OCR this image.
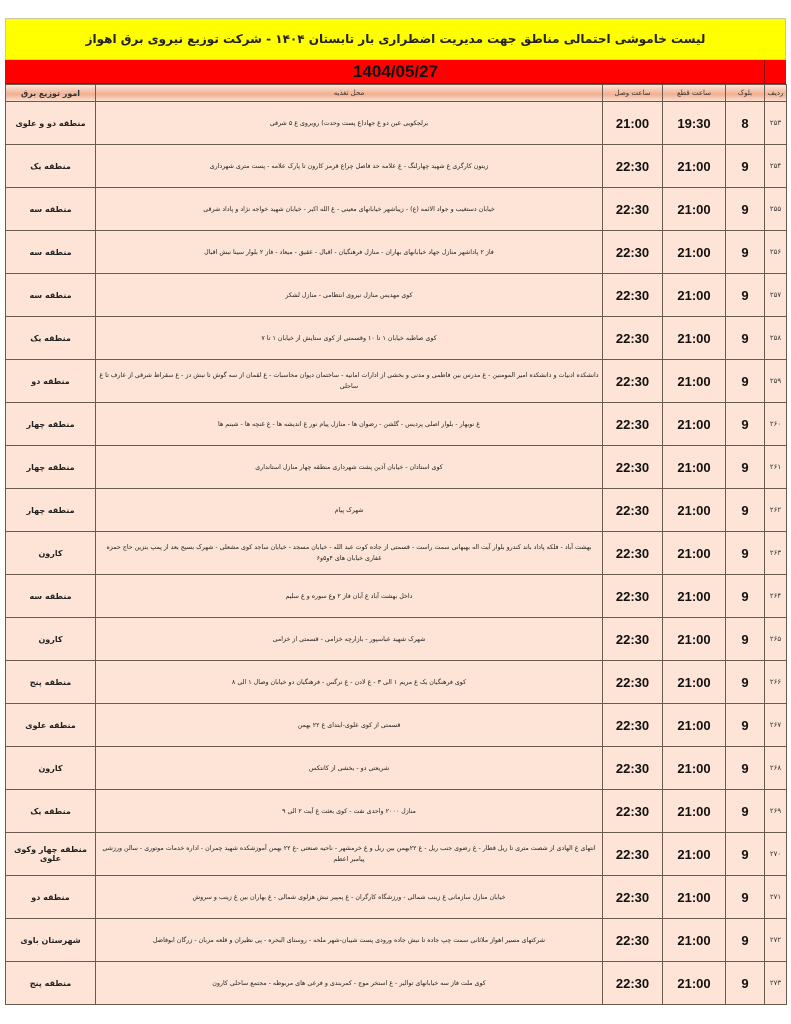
لیست خاموشی احتمالی مناطق جهت مدیریت اضطراری بار تابستان ۱۴۰۴ - شرکت توزیع نیروی برق اهواز
1404/05/27
ردیف	بلوک	ساعت قطع	ساعت وصل	محل تغذیه	امور توزیع برق
۲۵۳	8	19:30	21:00	برلجکویی عین دو غ جهاد(غ پست وحدت) روبروی غ ۵ شرقی	منطقه دو و علوی
۲۵۴	9	21:00	22:30	زیتون کارگری غ شهید چهارلنگ - غ علامه حد فاصل چراغ قرمز کارون تا پارک علامه - پست متری شهرداری	منطقه یک
۲۵۵	9	21:00	22:30	خیابان دستغیب و جواد الائمه (ع) - زیباشهر خیابانهای معینی - غ الله اکبر - خیابان شهید خواجه نژاد و پاداد شرقی	منطقه سه
۲۵۶	9	21:00	22:30	فاز ۲ پاداشهر منازل جهاد خیابانهای بهاران - منازل فرهنگیان - اقبال - عقیق - میعاد - فاز ۲ بلوار سینا نبش اقبال	منطقه سه
۲۵۷	9	21:00	22:30	کوی مهدیس منازل نیروی انتظامی - منازل لشکر	منطقه سه
۲۵۸	9	21:00	22:30	کوی صاطبه خیابان ۱ تا ۱۰ وقسمتی از کوی ستایش از خیابان ۱ تا ۷	منطقه یک
۲۵۹	9	21:00	22:30	دانشکده ادبیات و دانشکده امیر المومنین - غ مدرس بین فاطمی و مدنی و بخشی از ادارات امانیه - ساختمان دیوان محاسبات - غ لقمان از سه گوش تا نبش دز - غ سقراط شرقی از عارف تا غ ساحلی	منطقه دو
۲۶۰	9	21:00	22:30	غ نوبهار - بلوار اصلی پردیس - گلشن - رضوان ها - منازل پیام نور غ اندیشه ها - غ غنچه ها - شبنم ها	منطقه چهار
۲۶۱	9	21:00	22:30	کوی استادان - خیابان آذین پشت شهرداری منطقه چهار منازل استانداری	منطقه چهار
۲۶۲	9	21:00	22:30	شهرک پیام	منطقه چهار
۲۶۳	9	21:00	22:30	بهشت آباد - فلکه پاداد باند کندرو بلوار آیت اله بهبهانی سمت راست - قسمتی از جاده کوت عبد الله - خیابان مسجد - خیابان ساجد کوی مشعلی - شهرک بسیج بعد از پمپ بنزین حاج حمزه غفاری خیابان های ۴و۵و۶	کارون
۲۶۴	9	21:00	22:30	داخل بهشت آباد غ آبان فاز ۲ وغ سوره و غ سلیم	منطقه سه
۲۶۵	9	21:00	22:30	شهرک شهید عباسپور - بازارچه خزامی - قسمتی از خزامی	کارون
۲۶۶	9	21:00	22:30	کوی فرهنگیان یک غ مریم ۱ الی ۳ - غ لادن - غ نرگس - فرهنگیان دو خیابان وصال ۱ الی ۸	منطقه پنج
۲۶۷	9	21:00	22:30	قسمتی از کوی علوی-ابتدای غ ۲۲ بهمن	منطقه علوی
۲۶۸	9	21:00	22:30	شریعتی دو - بخشی از کانتکس	کارون
۲۶۹	9	21:00	22:30	منازل ۲۰۰۰ واحدی نفت - کوی بعثت غ آیت ۲ الی ۹	منطقه یک
۲۷۰	9	21:00	22:30	انتهای غ الهادی از شصت متری تا ریل قطار - غ رضوی جنب ریل - غ ۲۲بهمن بین ریل و غ خرمشهر - ناحیه صنعتی -غ ۲۲ بهمن آموزشکده شهید چمران - اداره خدمات موتوری - سالن ورزشی پیامبر اعظم	منطقه چهار وکوی علوی
۲۷۱	9	21:00	22:30	خیابان منازل سازمانی غ زینب شمالی - ورزشگاه کارگران - غ پمپیر نبش هزلوی شمالی - غ بهاران بین غ زینب و سروش	منطقه دو
۲۷۲	9	21:00	22:30	شرکتهای مسیر اهواز ملاثانی سمت چپ جاده تا نبش جاده ورودی پست شیبان-شهر ملحه - روستای البحره - پی نظیران و قلعه مزبان - زرگان ابوفاضل	شهرستان باوی
۲۷۳	9	21:00	22:30	کوی ملت فاز سه خیابانهای توالیر - غ استخر موج - کمربندی و فرعی های مربوطه - مجتمع ساحلی کارون	منطقه پنج
